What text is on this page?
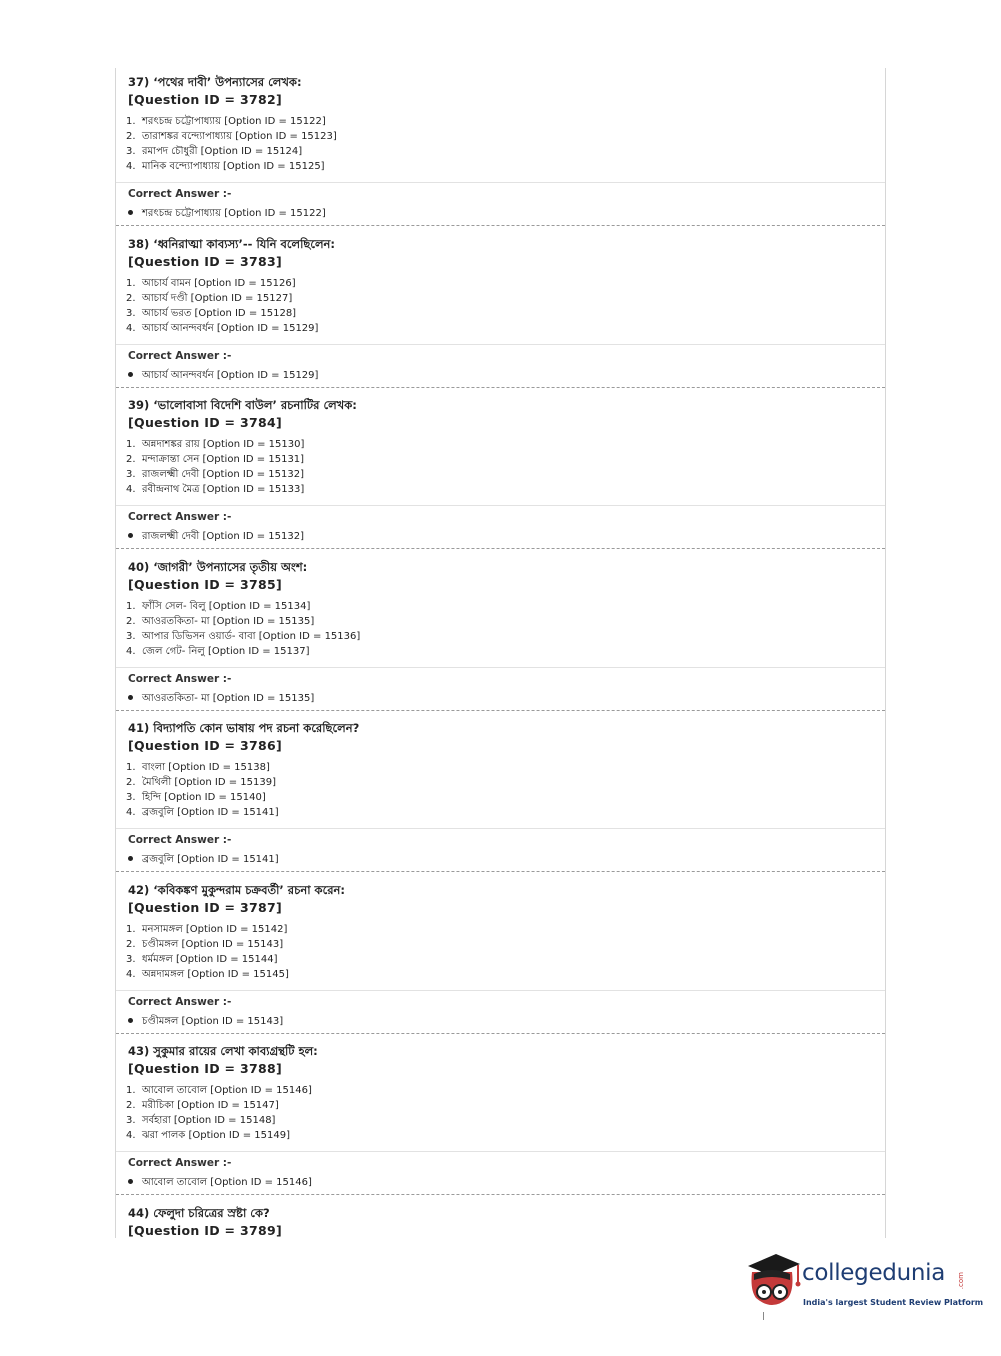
37) ‘পথের দাবী’ উপন্যাসের লেখক:
[Question ID = 3782]
1. শরৎচন্দ্র চট্টোপাধ্যায় [Option ID = 15122]
2. তারাশঙ্কর বন্দ্যোপাধ্যায় [Option ID = 15123]
3. রমাপদ চৌধুরী [Option ID = 15124]
4. মানিক বন্দ্যোপাধ্যায় [Option ID = 15125]
Correct Answer :-
শরৎচন্দ্র চট্টোপাধ্যায় [Option ID = 15122]
38) ‘ধ্বনিরাত্মা কাব্যস্য’-- যিনি বলেছিলেন:
[Question ID = 3783]
1. আচার্য বামন [Option ID = 15126]
2. আচার্য দণ্ডী [Option ID = 15127]
3. আচার্য ভরত [Option ID = 15128]
4. আচার্য আনন্দবর্ধন [Option ID = 15129]
Correct Answer :-
আচার্য আনন্দবর্ধন [Option ID = 15129]
39) ‘ভালোবাসা বিদেশি বাউল’ রচনাটির লেখক:
[Question ID = 3784]
1. অন্নদাশঙ্কর রায় [Option ID = 15130]
2. মন্দাক্রান্তা সেন [Option ID = 15131]
3. রাজলক্ষ্মী দেবী [Option ID = 15132]
4. রবীন্দ্রনাথ মৈত্র [Option ID = 15133]
Correct Answer :-
রাজলক্ষ্মী দেবী [Option ID = 15132]
40) ‘জাগরী’ উপন্যাসের তৃতীয় অংশ:
[Question ID = 3785]
1. ফাঁসি সেল- বিলু [Option ID = 15134]
2. আওরতকিতা- মা [Option ID = 15135]
3. আপার ডিভিসন ওয়ার্ড- বাবা [Option ID = 15136]
4. জেল গেট- নিলু [Option ID = 15137]
Correct Answer :-
আওরতকিতা- মা [Option ID = 15135]
41) বিদ্যাপতি কোন ভাষায় পদ রচনা করেছিলেন?
[Question ID = 3786]
1. বাংলা [Option ID = 15138]
2. মৈথিলী [Option ID = 15139]
3. হিন্দি [Option ID = 15140]
4. ব্রজবুলি [Option ID = 15141]
Correct Answer :-
ব্রজবুলি [Option ID = 15141]
42) ‘কবিকঙ্কণ মুকুন্দরাম চক্রবর্তী’ রচনা করেন:
[Question ID = 3787]
1. মনসামঙ্গল [Option ID = 15142]
2. চণ্ডীমঙ্গল [Option ID = 15143]
3. ধর্মমঙ্গল [Option ID = 15144]
4. অন্নদামঙ্গল [Option ID = 15145]
Correct Answer :-
চণ্ডীমঙ্গল [Option ID = 15143]
43) সুকুমার রায়ের লেখা কাব্যগ্রন্থটি হল:
[Question ID = 3788]
1. আবোল তাবোল [Option ID = 15146]
2. মরীচিকা [Option ID = 15147]
3. সর্বহারা [Option ID = 15148]
4. ঝরা পালক [Option ID = 15149]
Correct Answer :-
আবোল তাবোল [Option ID = 15146]
44) ফেলুদা চরিত্রের স্রষ্টা কে?
[Question ID = 3789]
collegedunia .com
India's largest Student Review Platform
